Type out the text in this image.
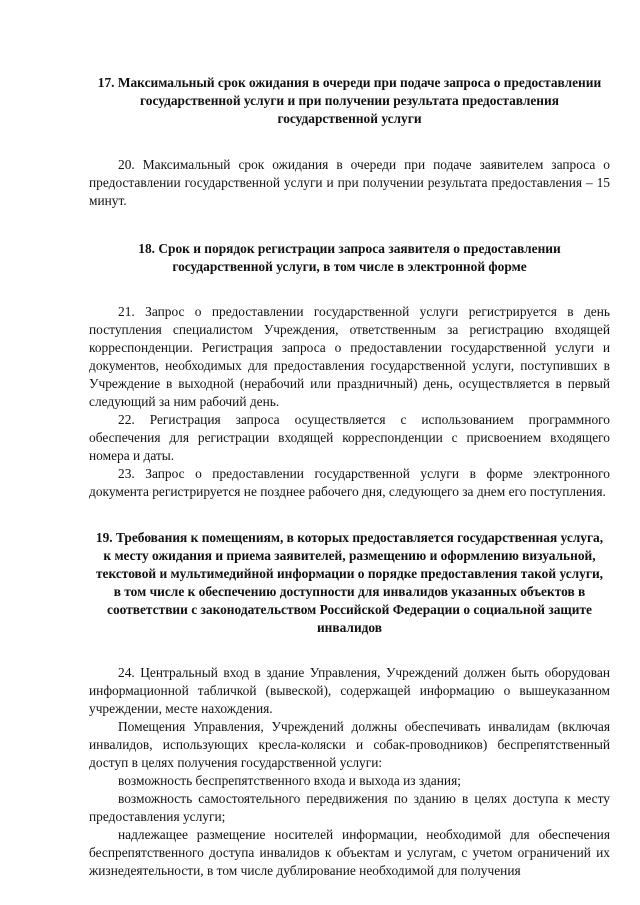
17. Максимальный срок ожидания в очереди при подаче запроса о предоставлении государственной услуги и при получении результата предоставления государственной услуги

20. Максимальный срок ожидания в очереди при подаче заявителем запроса о предоставлении государственной услуги и при получении результата предоставления – 15 минут.

18. Срок и порядок регистрации запроса заявителя о предоставлении государственной услуги, в том числе в электронной форме

21. Запрос о предоставлении государственной услуги регистрируется в день поступления специалистом Учреждения, ответственным за регистрацию входящей корреспонденции. Регистрация запроса о предоставлении государственной услуги и документов, необходимых для предоставления государственной услуги, поступивших в Учреждение в выходной (нерабочий или праздничный) день, осуществляется в первый следующий за ним рабочий день.

22. Регистрация запроса осуществляется с использованием программного обеспечения для регистрации входящей корреспонденции с присвоением входящего номера и даты.

23. Запрос о предоставлении государственной услуги в форме электронного документа регистрируется не позднее рабочего дня, следующего за днем его поступления.

19. Требования к помещениям, в которых предоставляется государственная услуга, к месту ожидания и приема заявителей, размещению и оформлению визуальной, текстовой и мультимедийной информации о порядке предоставления такой услуги, в том числе к обеспечению доступности для инвалидов указанных объектов в соответствии с законодательством Российской Федерации о социальной защите инвалидов

24. Центральный вход в здание Управления, Учреждений должен быть оборудован информационной табличкой (вывеской), содержащей информацию о вышеуказанном учреждении, месте нахождения.

Помещения Управления, Учреждений должны обеспечивать инвалидам (включая инвалидов, использующих кресла-коляски и собак-проводников) беспрепятственный доступ в целях получения государственной услуги:

возможность беспрепятственного входа и выхода из здания;

возможность самостоятельного передвижения по зданию в целях доступа к месту предоставления услуги;

надлежащее размещение носителей информации, необходимой для обеспечения беспрепятственного доступа инвалидов к объектам и услугам, с учетом ограничений их жизнедеятельности, в том числе дублирование необходимой для получения
